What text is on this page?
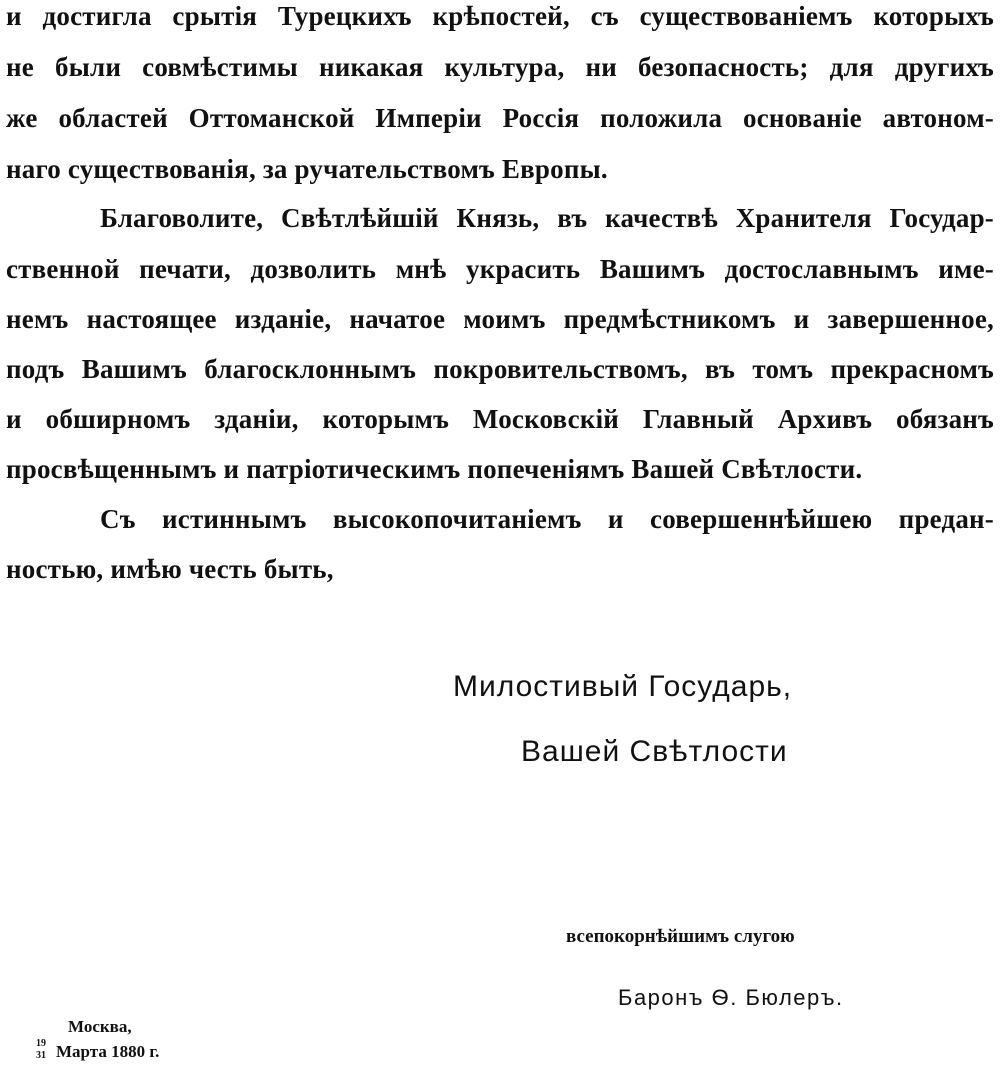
и достигла срытія Турецкихъ крѣпостей, съ существованіемъ которыхъ
не были совмѣстимы никакая культура, ни безопасность; для другихъ
же областей Оттоманской Имперіи Россія положила основаніе автоном-
наго существованія, за ручательствомъ Европы.
Благоволите, Свѣтлѣйшій Князь, въ качествѣ Хранителя Государ-
ственной печати, дозволить мнѣ украсить Вашимъ достославнымъ име-
немъ настоящее изданіе, начатое моимъ предмѣстникомъ и завершенное,
подъ Вашимъ благосклоннымъ покровительствомъ, въ томъ прекрасномъ
и обширномъ зданіи, которымъ Московскій Главный Архивъ обязанъ
просвѣщеннымъ и патріотическимъ попеченіямъ Вашей Свѣтлости.
Съ истиннымъ высокопочитаніемъ и совершеннѣйшею предан-
ностью, имѣю честь быть,
Милостивый Государь,
Вашей Свѣтлости
всепокорнѣйшимъ слугою
Баронъ Ѳ. Бюлеръ.
Москва,
19
31 Марта 1880 г.
